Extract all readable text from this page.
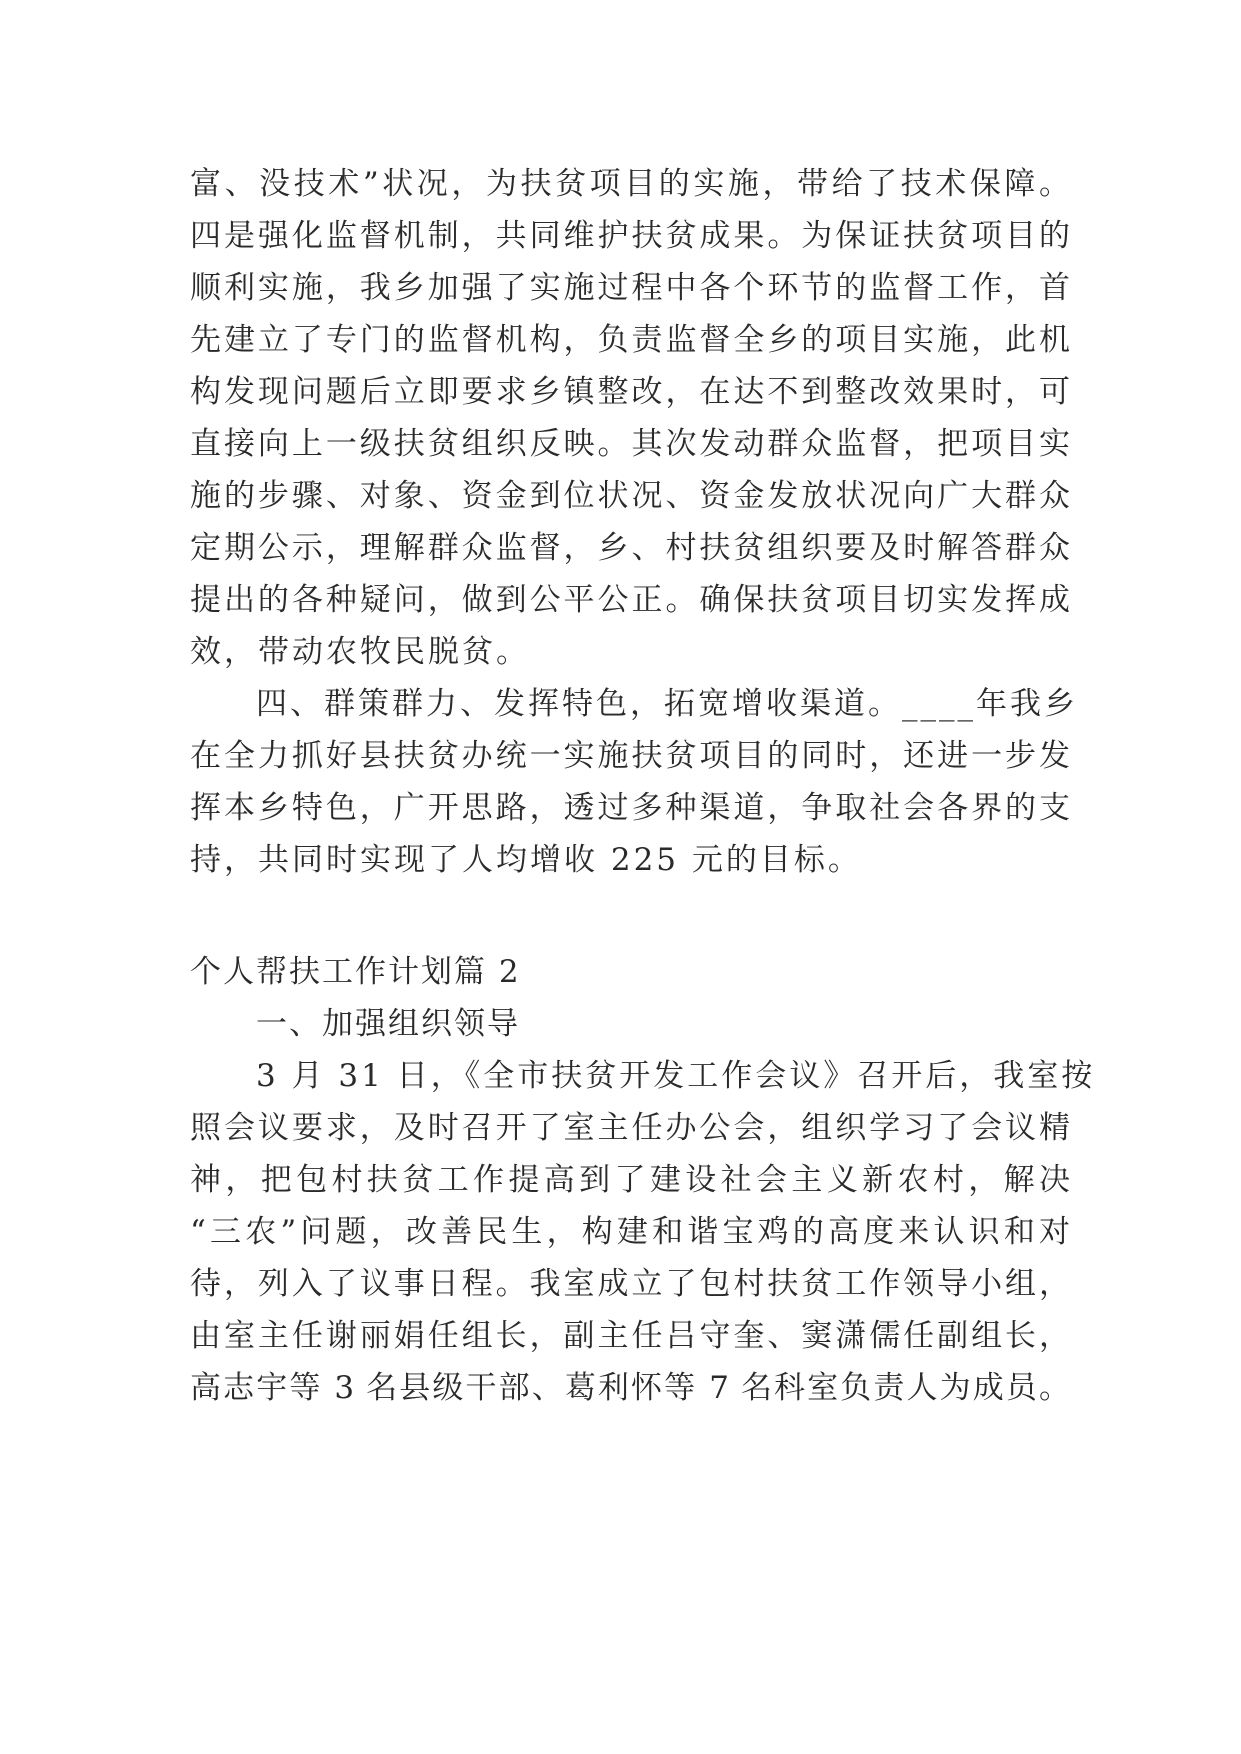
富、没技术”状况，为扶贫项目的实施，带给了技术保障。
四是强化监督机制，共同维护扶贫成果。为保证扶贫项目的
顺利实施，我乡加强了实施过程中各个环节的监督工作，首
先建立了专门的监督机构，负责监督全乡的项目实施，此机
构发现问题后立即要求乡镇整改，在达不到整改效果时，可
直接向上一级扶贫组织反映。其次发动群众监督，把项目实
施的步骤、对象、资金到位状况、资金发放状况向广大群众
定期公示，理解群众监督，乡、村扶贫组织要及时解答群众
提出的各种疑问，做到公平公正。确保扶贫项目切实发挥成
效，带动农牧民脱贫。
四、群策群力、发挥特色，拓宽增收渠道。____年我乡
在全力抓好县扶贫办统一实施扶贫项目的同时，还进一步发
挥本乡特色，广开思路，透过多种渠道，争取社会各界的支
持，共同时实现了人均增收 225 元的目标。
个人帮扶工作计划篇 2
一、加强组织领导
3 月 31 日，《全市扶贫开发工作会议》召开后，我室按
照会议要求，及时召开了室主任办公会，组织学习了会议精
神，把包村扶贫工作提高到了建设社会主义新农村，解决
“三农”问题，改善民生，构建和谐宝鸡的高度来认识和对
待，列入了议事日程。我室成立了包村扶贫工作领导小组，
由室主任谢丽娟任组长，副主任吕守奎、窦潇儒任副组长，
高志宇等 3 名县级干部、葛利怀等 7 名科室负责人为成员。
